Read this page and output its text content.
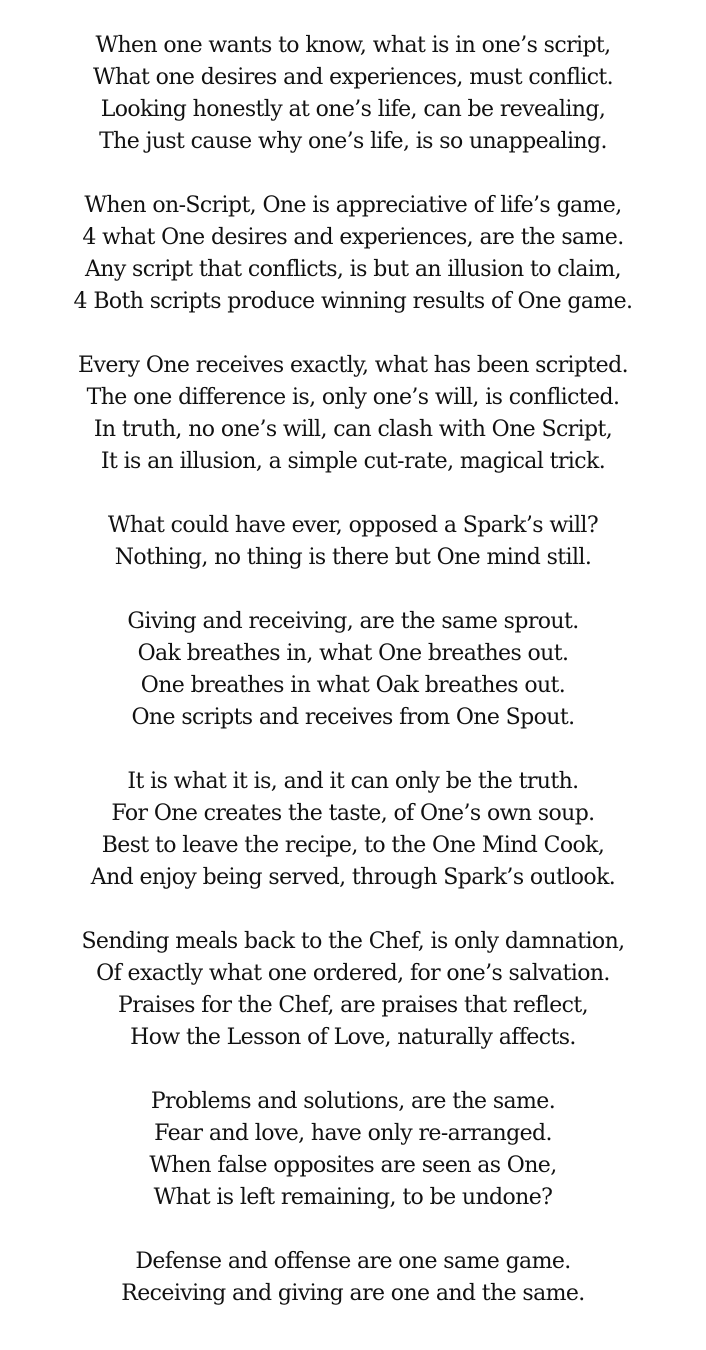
When one wants to know, what is in one’s script,
What one desires and experiences, must conflict.
Looking honestly at one’s life, can be revealing,
The just cause why one’s life, is so unappealing.
When on-Script, One is appreciative of life’s game,
4 what One desires and experiences, are the same.
Any script that conflicts, is but an illusion to claim,
4 Both scripts produce winning results of One game.
Every One receives exactly, what has been scripted.
The one difference is, only one’s will, is conflicted.
In truth, no one’s will, can clash with One Script,
It is an illusion, a simple cut-rate, magical trick.
What could have ever, opposed a Spark’s will?
Nothing, no thing is there but One mind still.
Giving and receiving, are the same sprout.
Oak breathes in, what One breathes out.
One breathes in what Oak breathes out.
One scripts and receives from One Spout.
It is what it is, and it can only be the truth.
For One creates the taste, of One’s own soup.
Best to leave the recipe, to the One Mind Cook,
And enjoy being served, through Spark’s outlook.
Sending meals back to the Chef, is only damnation,
Of exactly what one ordered, for one’s salvation.
Praises for the Chef, are praises that reflect,
How the Lesson of Love, naturally affects.
Problems and solutions, are the same.
Fear and love, have only re-arranged.
When false opposites are seen as One,
What is left remaining, to be undone?
Defense and offense are one same game.
Receiving and giving are one and the same.
